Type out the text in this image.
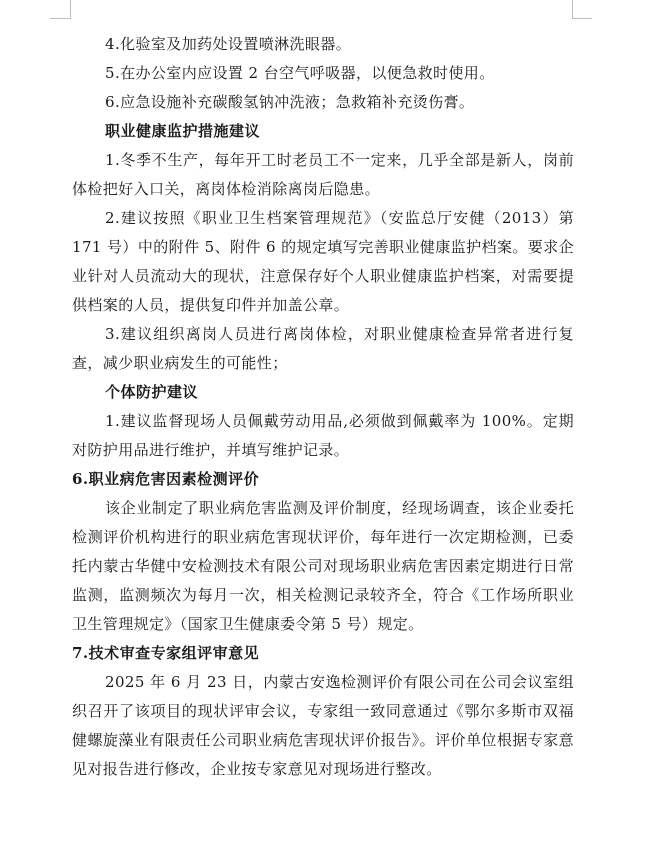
4.化验室及加药处设置喷淋洗眼器。

5.在办公室内应设置 2 台空气呼吸器，以便急救时使用。

6.应急设施补充碳酸氢钠冲洗液；急救箱补充烫伤膏。

职业健康监护措施建议

1.冬季不生产，每年开工时老员工不一定来，几乎全部是新人，岗前体检把好入口关，离岗体检消除离岗后隐患。

2.建议按照《职业卫生档案管理规范》（安监总厅安健（2013）第 171 号）中的附件 5、附件 6 的规定填写完善职业健康监护档案。要求企业针对人员流动大的现状，注意保存好个人职业健康监护档案，对需要提供档案的人员，提供复印件并加盖公章。

3.建议组织离岗人员进行离岗体检，对职业健康检查异常者进行复查，减少职业病发生的可能性；

个体防护建议

1.建议监督现场人员佩戴劳动用品,必须做到佩戴率为 100%。定期对防护用品进行维护，并填写维护记录。

6.职业病危害因素检测评价

该企业制定了职业病危害监测及评价制度，经现场调查，该企业委托检测评价机构进行的职业病危害现状评价，每年进行一次定期检测，已委托内蒙古华健中安检测技术有限公司对现场职业病危害因素定期进行日常监测，监测频次为每月一次，相关检测记录较齐全，符合《工作场所职业卫生管理规定》（国家卫生健康委令第 5 号）规定。

7.技术审查专家组评审意见

2025 年 6 月 23 日，内蒙古安逸检测评价有限公司在公司会议室组织召开了该项目的现状评审会议，专家组一致同意通过《鄂尔多斯市双福健螺旋藻业有限责任公司职业病危害现状评价报告》。评价单位根据专家意见对报告进行修改，企业按专家意见对现场进行整改。
